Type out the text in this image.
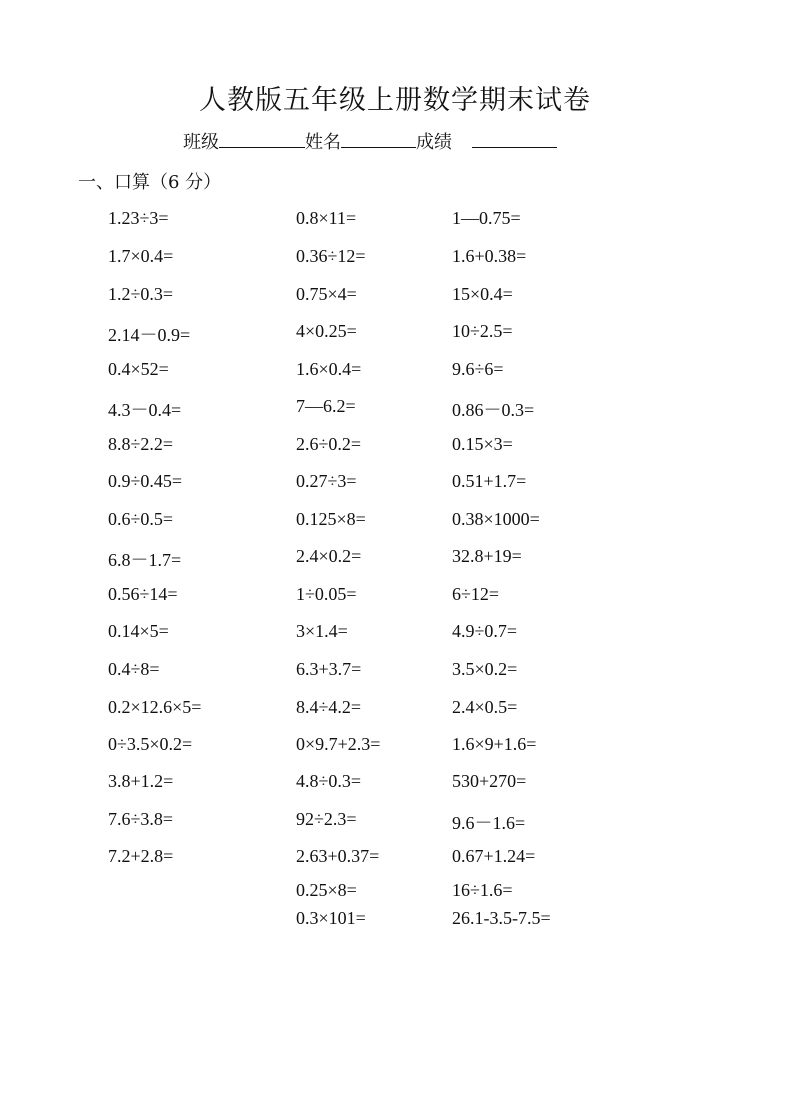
人教版五年级上册数学期末试卷
班级	姓名	成绩
一、口算（6 分）
1.23÷3=
1.7×0.4=
1.2÷0.3=
2.14－0.9=
0.4×52=
4.3－0.4=
8.8÷2.2=
0.9÷0.45=
0.6÷0.5=
6.8－1.7=
0.56÷14=
0.14×5=
0.4÷8=
0.2×12.6×5=
0÷3.5×0.2=
3.8+1.2=
7.6÷3.8=
7.2+2.8=
0.8×11=
0.36÷12=
0.75×4=
4×0.25=
1.6×0.4=
7—6.2=
2.6÷0.2=
0.27÷3=
0.125×8=
2.4×0.2=
1÷0.05=
3×1.4=
6.3+3.7=
8.4÷4.2=
0×9.7+2.3=
4.8÷0.3=
92÷2.3=
2.63+0.37=
0.25×8=
0.3×101=
1—0.75=
1.6+0.38=
15×0.4=
10÷2.5=
9.6÷6=
0.86－0.3=
0.15×3=
0.51+1.7=
0.38×1000=
32.8+19=
6÷12=
4.9÷0.7=
3.5×0.2=
2.4×0.5=
1.6×9+1.6=
530+270=
9.6－1.6=
0.67+1.24=
16÷1.6=
26.1-3.5-7.5=
